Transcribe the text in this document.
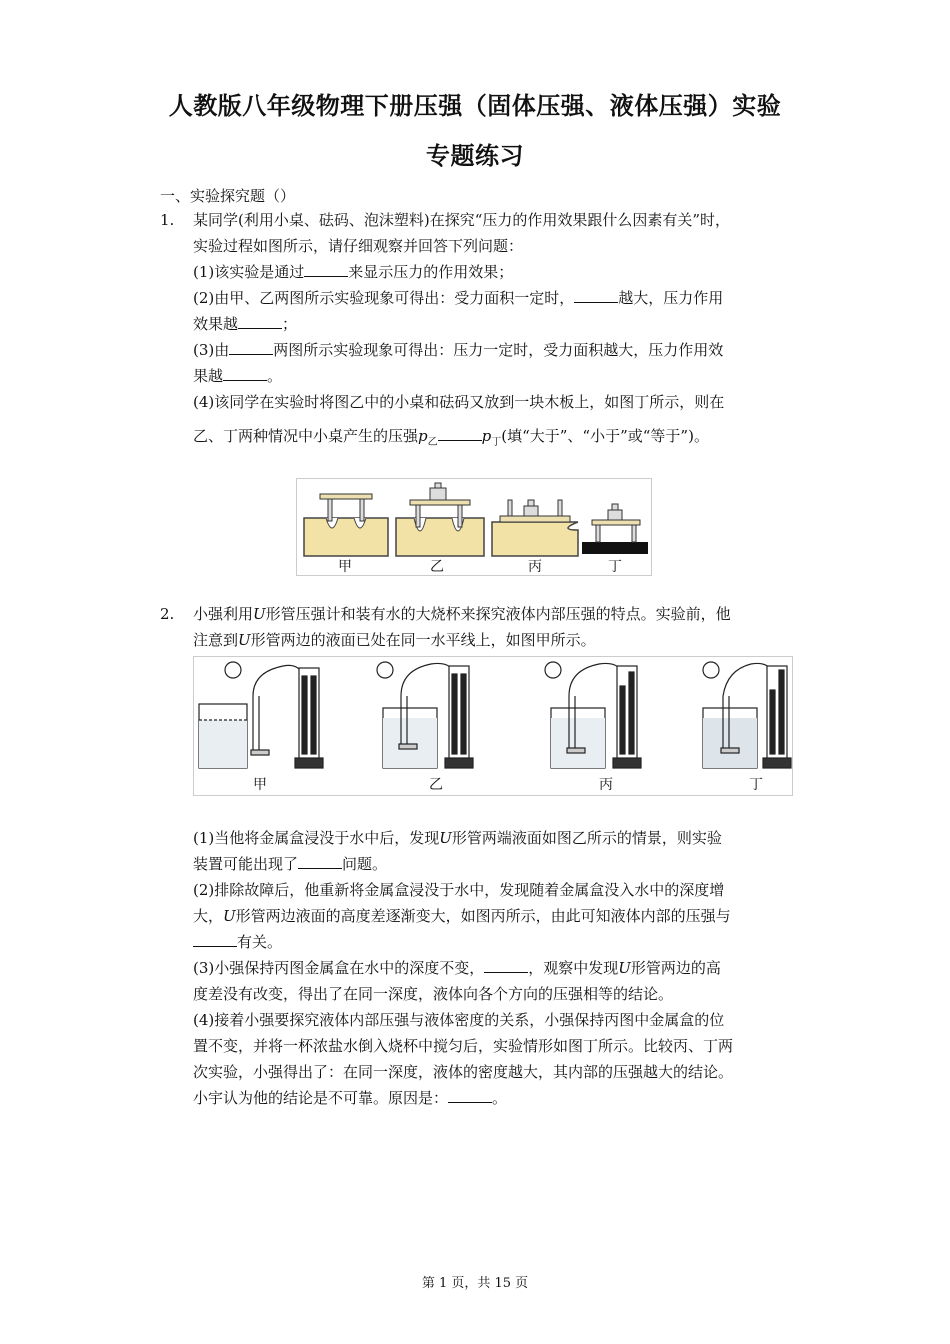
人教版八年级物理下册压强（固体压强、液体压强）实验
专题练习
一、实验探究题（）
1. 某同学(利用小桌、砝码、泡沫塑料)在探究“压力的作用效果跟什么因素有关”时，
实验过程如图所示，请仔细观察并回答下列问题：
(1)该实验是通过	来显示压力的作用效果；
(2)由甲、乙两图所示实验现象可得出：受力面积一定时，	越大，压力作用
效果越	；
(3)由	两图所示实验现象可得出：压力一定时，受力面积越大，压力作用效
果越	。
(4)该同学在实验时将图乙中的小桌和砝码又放到一块木板上，如图丁所示，则在
乙、丁两种情况中小桌产生的压强$p_乙$	$p_丁$(填“大于”、“小于”或“等于”)。
甲	乙	丙	丁
2. 小强利用U形管压强计和装有水的大烧杯来探究液体内部压强的特点。实验前，他
注意到U形管两边的液面已处在同一水平线上，如图甲所示。
甲	乙	丙	丁
(1)当他将金属盒浸没于水中后，发现U形管两端液面如图乙所示的情景，则实验
装置可能出现了	问题。
(2)排除故障后，他重新将金属盒浸没于水中，发现随着金属盒没入水中的深度增
大，U形管两边液面的高度差逐渐变大，如图丙所示，由此可知液体内部的压强与
有关。
(3)小强保持丙图金属盒在水中的深度不变，	，观察中发现U形管两边的高
度差没有改变，得出了在同一深度，液体向各个方向的压强相等的结论。
(4)接着小强要探究液体内部压强与液体密度的关系，小强保持丙图中金属盒的位
置不变，并将一杯浓盐水倒入烧杯中搅匀后，实验情形如图丁所示。比较丙、丁两
次实验，小强得出了：在同一深度，液体的密度越大，其内部的压强越大的结论。
小宇认为他的结论是不可靠。原因是：	。
第 1 页，共 15 页
